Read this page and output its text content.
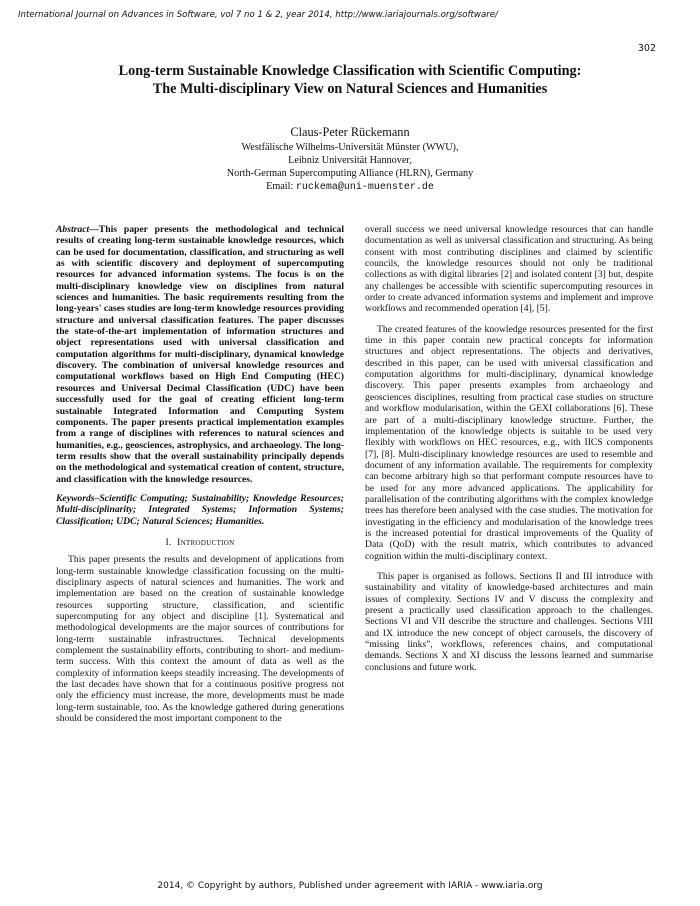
International Journal on Advances in Software, vol 7 no 1 & 2, year 2014, http://www.iariajournals.org/software/
302
Long-term Sustainable Knowledge Classification with Scientific Computing:
The Multi-disciplinary View on Natural Sciences and Humanities
Claus-Peter Rückemann
Westfälische Wilhelms-Universität Münster (WWU),
Leibniz Universität Hannover,
North-German Supercomputing Alliance (HLRN), Germany
Email: ruckema@uni-muenster.de

Abstract—This paper presents the methodological and technical results of creating long-term sustainable knowledge resources, which can be used for documentation, classification, and structuring as well as with scientific discovery and deployment of supercomputing resources for advanced information systems. The focus is on the multi-disciplinary knowledge view on disciplines from natural sciences and humanities. The basic requirements resulting from the long-years' cases studies are long-term knowledge resources providing structure and universal classification features. The paper discusses the state-of-the-art implementation of information structures and object representations used with universal classification and computation algorithms for multi-disciplinary, dynamical knowledge discovery. The combination of universal knowledge resources and computational workflows based on High End Computing (HEC) resources and Universal Decimal Classification (UDC) have been successfully used for the goal of creating efficient long-term sustainable Integrated Information and Computing System components. The paper presents practical implementation examples from a range of disciplines with references to natural sciences and humanities, e.g., geosciences, astrophysics, and archaeology. The long-term results show that the overall sustainability principally depends on the methodological and systematical creation of content, structure, and classification with the knowledge resources.

Keywords–Scientific Computing; Sustainability; Knowledge Resources; Multi-disciplinarity; Integrated Systems; Information Systems; Classification; UDC; Natural Sciences; Humanities.

I. Introduction

This paper presents the results and development of applications from long-term sustainable knowledge classification focussing on the multi-disciplinary aspects of natural sciences and humanities. The work and implementation are based on the creation of sustainable knowledge resources supporting structure, classification, and scientific supercomputing for any object and discipline [1]. Systematical and methodological developments are the major sources of contributions for long-term sustainable infrastructures. Technical developments complement the sustainability efforts, contributing to short- and medium-term success. With this context the amount of data as well as the complexity of information keeps steadily increasing. The developments of the last decades have shown that for a continuous positive progress not only the efficiency must increase, the more, developments must be made long-term sustainable, too. As the knowledge gathered during generations should be considered the most important component to the

overall success we need universal knowledge resources that can handle documentation as well as universal classification and structuring. As being consent with most contributing disciplines and claimed by scientific councils, the knowledge resources should not only be traditional collections as with digital libraries [2] and isolated content [3] but, despite any challenges be accessible with scientific supercomputing resources in order to create advanced information systems and implement and improve workflows and recommended operation [4], [5].

The created features of the knowledge resources presented for the first time in this paper contain new practical concepts for information structures and object representations. The objects and derivatives, described in this paper, can be used with universal classification and computation algorithms for multi-disciplinary, dynamical knowledge discovery. This paper presents examples from archaeology and geosciences disciplines, resulting from practical case studies on structure and workflow modularisation, within the GEXI collaborations [6]. These are part of a multi-disciplinary knowledge structure. Further, the implementation of the knowledge objects is suitable to be used very flexibly with workflows on HEC resources, e.g., with IICS components [7], [8]. Multi-disciplinary knowledge resources are used to resemble and document of any information available. The requirements for complexity can become arbitrary high so that performant compute resources have to be used for any more advanced applications. The applicability for parallelisation of the contributing algorithms with the complex knowledge trees has therefore been analysed with the case studies. The motivation for investigating in the efficiency and modularisation of the knowledge trees is the increased potential for drastical improvements of the Quality of Data (QoD) with the result matrix, which contributes to advanced cognition within the multi-disciplinary context.

This paper is organised as follows. Sections II and III introduce with sustainability and vitality of knowledge-based architectures and main issues of complexity. Sections IV and V discuss the complexity and present a practically used classification approach to the challenges. Sections VI and VII describe the structure and challenges. Sections VIII and IX introduce the new concept of object carousels, the discovery of “missing links”, workflows, references chains, and computational demands. Sections X and XI discuss the lessons learned and summarise conclusions and future work.

2014, © Copyright by authors, Published under agreement with IARIA - www.iaria.org
